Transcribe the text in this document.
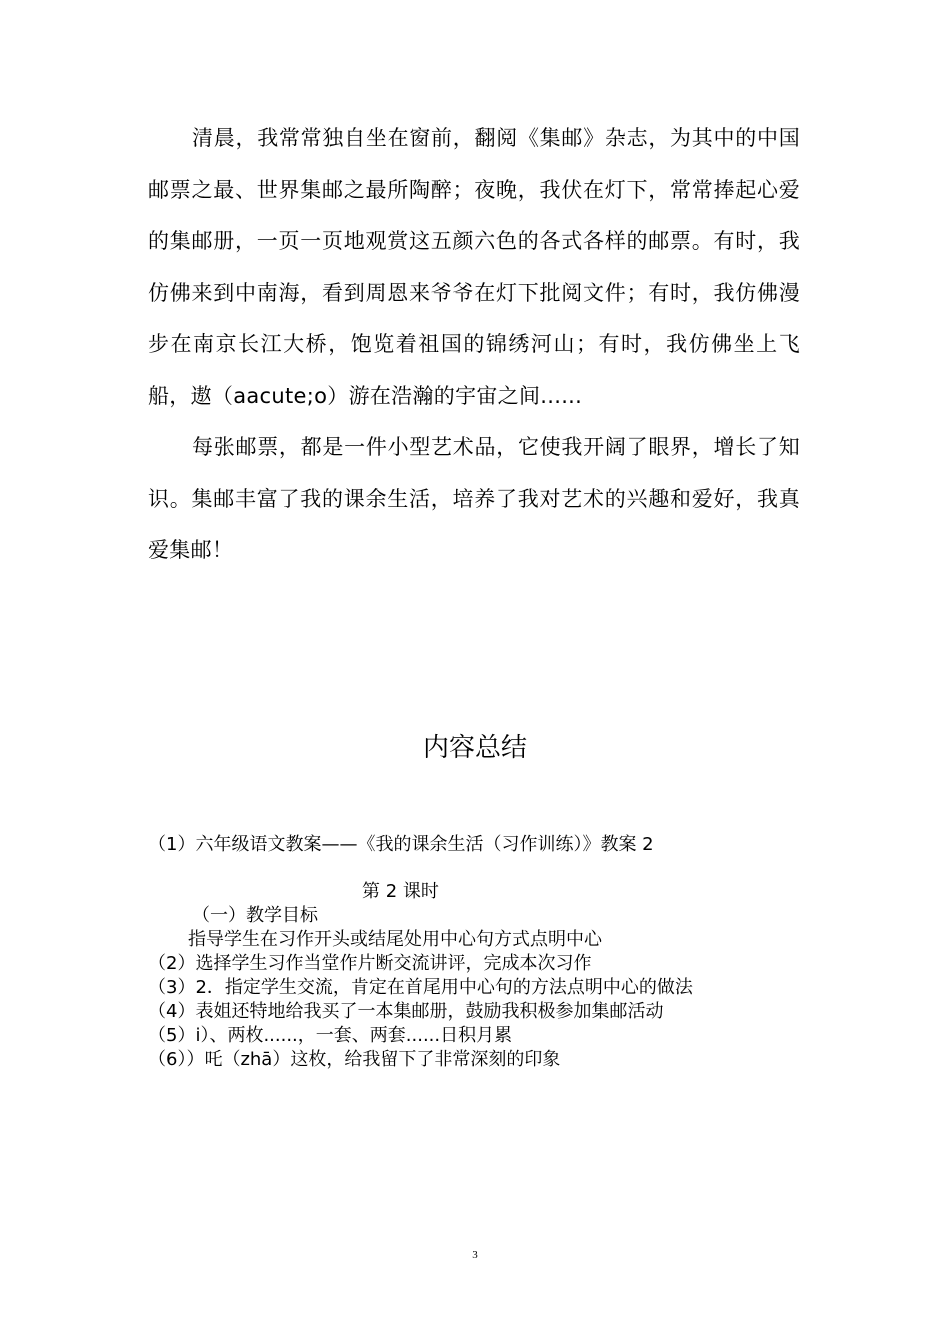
清晨，我常常独自坐在窗前，翻阅《集邮》杂志，为其中的中国邮票之最、世界集邮之最所陶醉；夜晚，我伏在灯下，常常捧起心爱的集邮册，一页一页地观赏这五颜六色的各式各样的邮票。有时，我仿佛来到中南海，看到周恩来爷爷在灯下批阅文件；有时，我仿佛漫步在南京长江大桥，饱览着祖国的锦绣河山；有时，我仿佛坐上飞船，遨（aacute;o）游在浩瀚的宇宙之间......

每张邮票，都是一件小型艺术品，它使我开阔了眼界，增长了知识。集邮丰富了我的课余生活，培养了我对艺术的兴趣和爱好，我真爱集邮！

内容总结

（1）六年级语文教案——《我的课余生活（习作训练）》教案 2

第 2 课时

（一）教学目标

指导学生在习作开头或结尾处用中心句方式点明中心

（2）选择学生习作当堂作片断交流讲评，完成本次习作

（3）2．指定学生交流，肯定在首尾用中心句的方法点明中心的做法

（4）表姐还特地给我买了一本集邮册，鼓励我积极参加集邮活动

（5）i）、两枚......，一套、两套......日积月累

（6））吒（zhā）这枚，给我留下了非常深刻的印象

3
